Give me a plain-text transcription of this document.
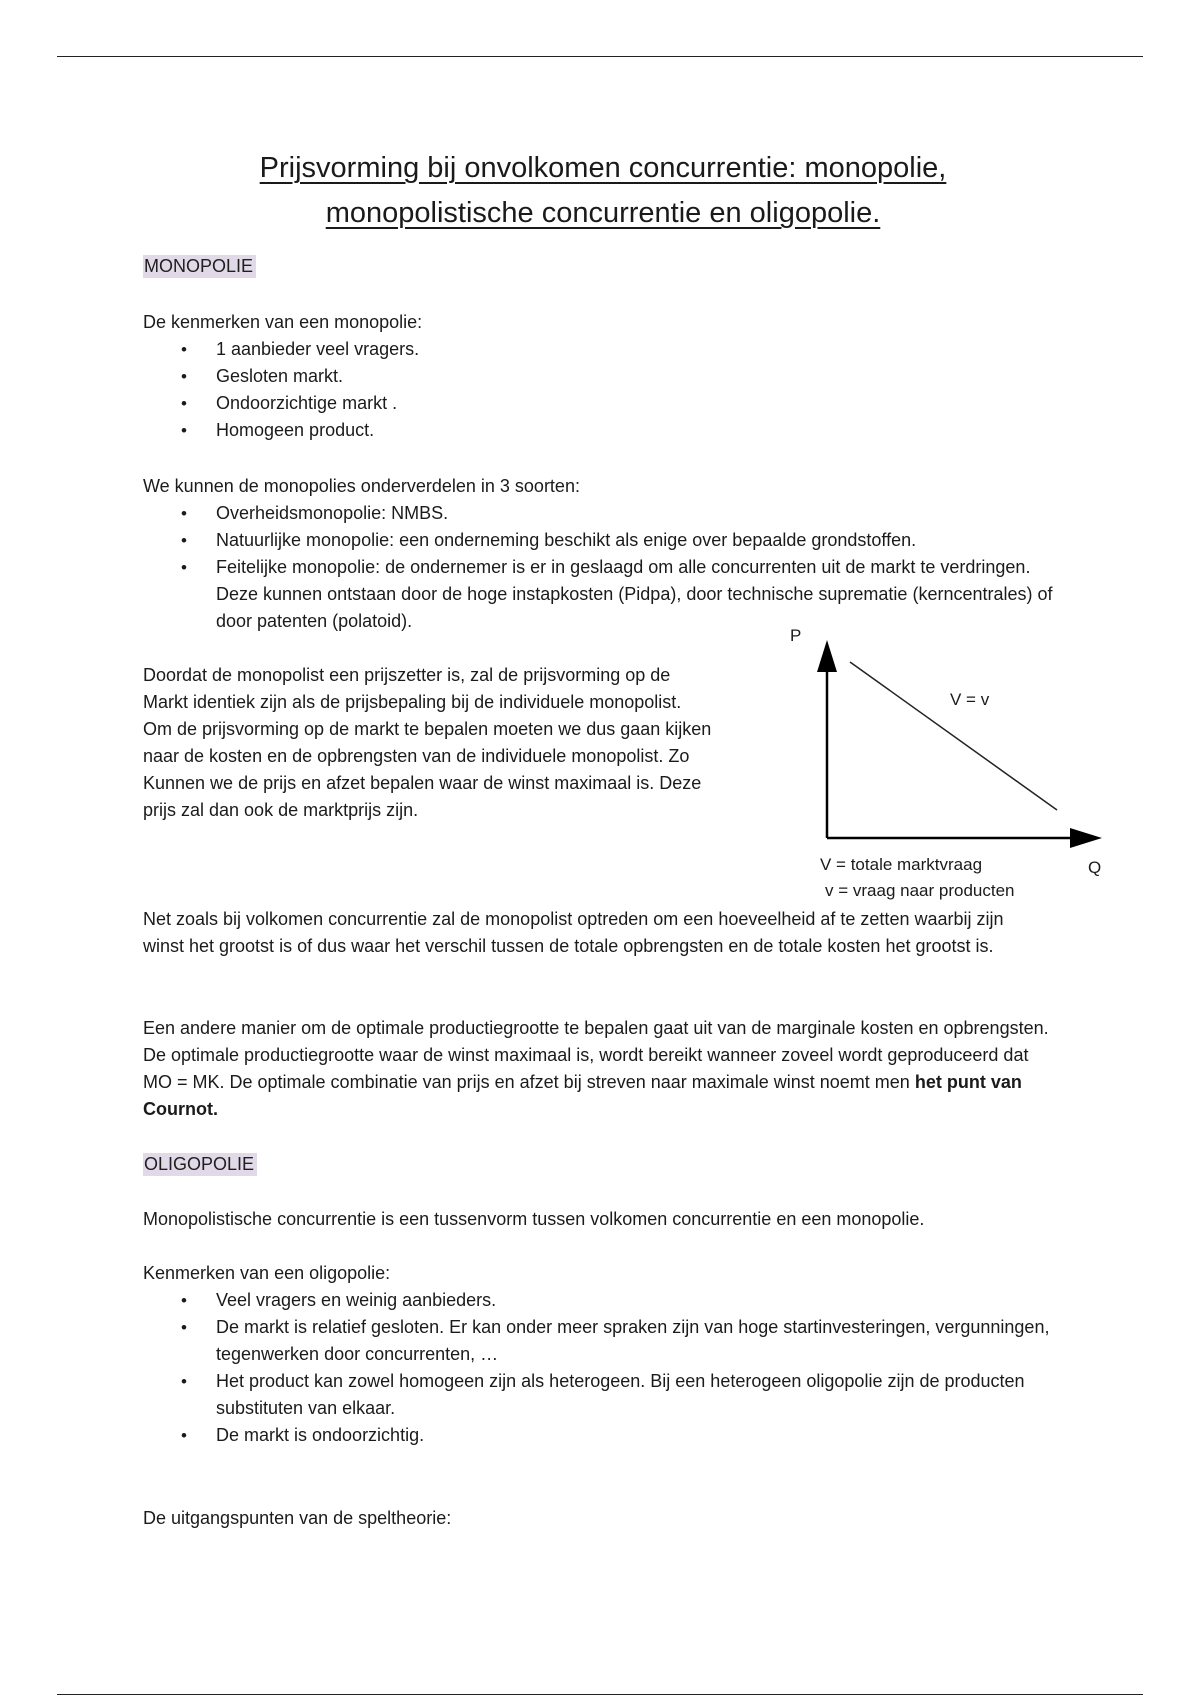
Prijsvorming bij onvolkomen concurrentie: monopolie,
monopolistische concurrentie en oligopolie.
MONOPOLIE
De kenmerken van een monopolie:
• 1 aanbieder veel vragers.
• Gesloten markt.
• Ondoorzichtige markt .
• Homogeen product.
We kunnen de monopolies onderverdelen in 3 soorten:
• Overheidsmonopolie: NMBS.
• Natuurlijke monopolie: een onderneming beschikt als enige over bepaalde grondstoffen.
• Feitelijke monopolie: de ondernemer is er in geslaagd om alle concurrenten uit de markt te verdringen. Deze kunnen ontstaan door de hoge instapkosten (Pidpa), door technische suprematie (kerncentrales) of door patenten (polatoid).
Doordat de monopolist een prijszetter is, zal de prijsvorming op de
Markt identiek zijn als de prijsbepaling bij de individuele monopolist.
Om de prijsvorming op de markt te bepalen moeten we dus gaan kijken
naar de kosten en de opbrengsten van de individuele monopolist. Zo
Kunnen we de prijs en afzet bepalen waar de winst maximaal is. Deze
prijs zal dan ook de marktprijs zijn.
Net zoals bij volkomen concurrentie zal de monopolist optreden om een hoeveelheid af te zetten waarbij zijn winst het grootst is of dus waar het verschil tussen de totale opbrengsten en de totale kosten het grootst is.
Een andere manier om de optimale productiegrootte te bepalen gaat uit van de marginale kosten en opbrengsten. De optimale productiegrootte waar de winst maximaal is, wordt bereikt wanneer zoveel wordt geproduceerd dat MO = MK. De optimale combinatie van prijs en afzet bij streven naar maximale winst noemt men het punt van Cournot.
OLIGOPOLIE
Monopolistische concurrentie is een tussenvorm tussen volkomen concurrentie en een monopolie.
Kenmerken van een oligopolie:
• Veel vragers en weinig aanbieders.
• De markt is relatief gesloten. Er kan onder meer spraken zijn van hoge startinvesteringen, vergunningen, tegenwerken door concurrenten, …
• Het product kan zowel homogeen zijn als heterogeen. Bij een heterogeen oligopolie zijn de producten substituten van elkaar.
• De markt is ondoorzichtig.
De uitgangspunten van de speltheorie:
P
Q
V = v
V = totale marktvraag
v = vraag naar producten
